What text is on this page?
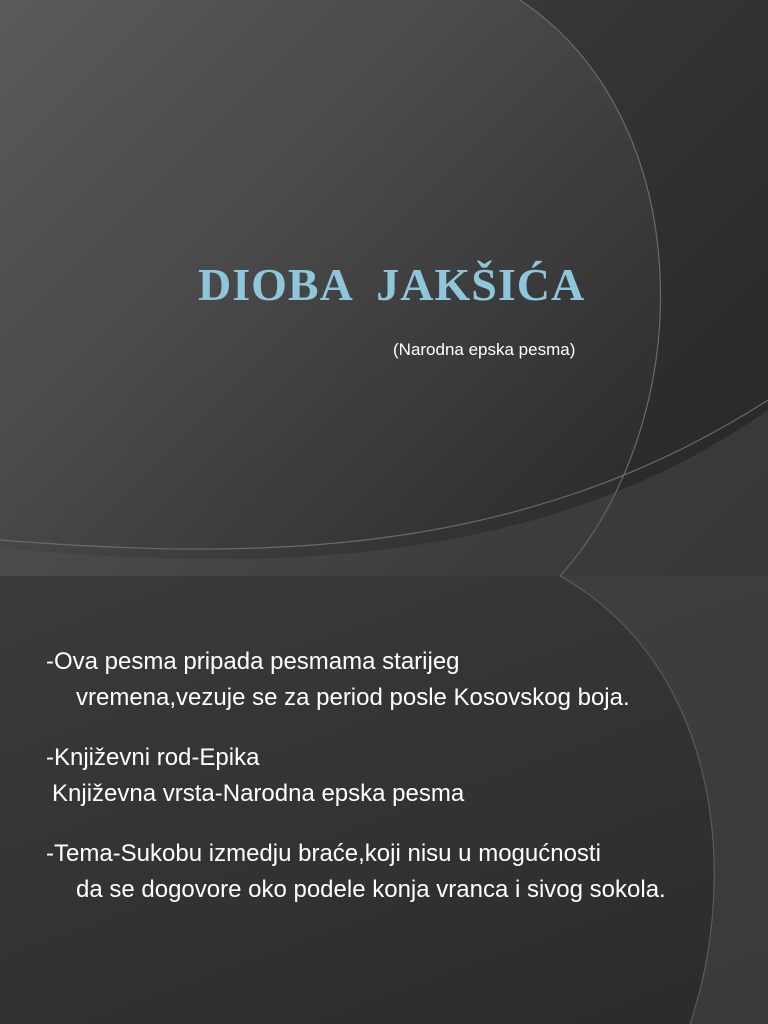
DIOBA  JAKŠIĆA

(Narodna epska pesma)

-Ova pesma pripada pesmama starijeg
vremena,vezuje se za period posle Kosovskog boja.

-Književni rod-Epika
Književna vrsta-Narodna epska pesma

-Tema-Sukobu izmedju braće,koji nisu u mogućnosti
da se dogovore oko podele konja vranca i sivog sokola.
